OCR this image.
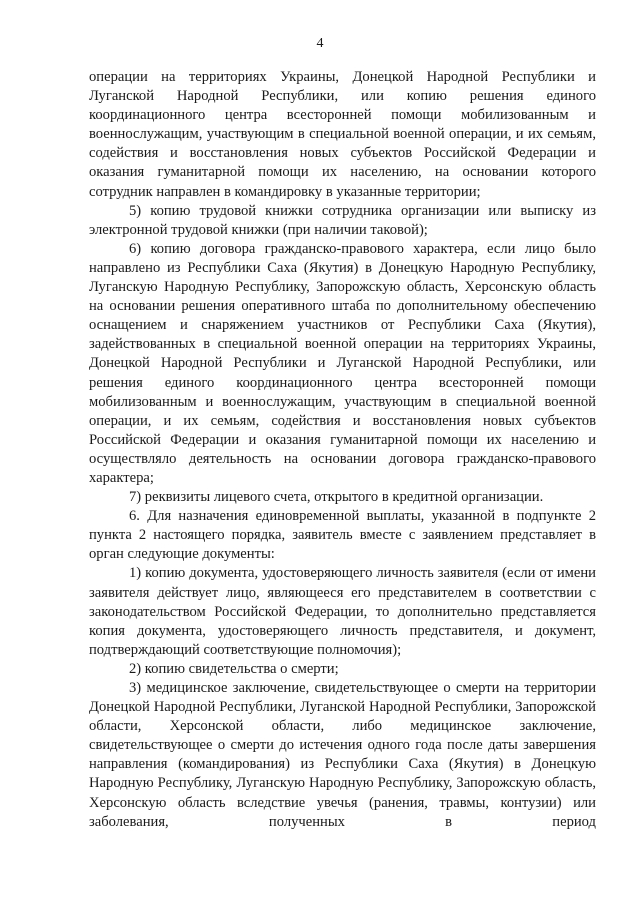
4

операции на территориях Украины, Донецкой Народной Республики и Луганской Народной Республики, или копию решения единого координационного центра всесторонней помощи мобилизованным и военнослужащим, участвующим в специальной военной операции, и их семьям, содействия и восстановления новых субъектов Российской Федерации и оказания гуманитарной помощи их населению, на основании которого сотрудник направлен в командировку в указанные территории;

5) копию трудовой книжки сотрудника организации или выписку из электронной трудовой книжки (при наличии таковой);

6) копию договора гражданско-правового характера, если лицо было направлено из Республики Саха (Якутия) в Донецкую Народную Республику, Луганскую Народную Республику, Запорожскую область, Херсонскую область на основании решения оперативного штаба по дополнительному обеспечению оснащением и снаряжением участников от Республики Саха (Якутия), задействованных в специальной военной операции на территориях Украины, Донецкой Народной Республики и Луганской Народной Республики, или решения единого координационного центра всесторонней помощи мобилизованным и военнослужащим, участвующим в специальной военной операции, и их семьям, содействия и восстановления новых субъектов Российской Федерации и оказания гуманитарной помощи их населению и осуществляло деятельность на основании договора гражданско-правового характера;

7) реквизиты лицевого счета, открытого в кредитной организации.

6. Для назначения единовременной выплаты, указанной в подпункте 2 пункта 2 настоящего порядка, заявитель вместе с заявлением представляет в орган следующие документы:

1) копию документа, удостоверяющего личность заявителя (если от имени заявителя действует лицо, являющееся его представителем в соответствии с законодательством Российской Федерации, то дополнительно представляется копия документа, удостоверяющего личность представителя, и документ, подтверждающий соответствующие полномочия);

2) копию свидетельства о смерти;

3) медицинское заключение, свидетельствующее о смерти на территории Донецкой Народной Республики, Луганской Народной Республики, Запорожской области, Херсонской области, либо медицинское заключение, свидетельствующее о смерти до истечения одного года после даты завершения направления (командирования) из Республики Саха (Якутия) в Донецкую Народную Республику, Луганскую Народную Республику, Запорожскую область, Херсонскую область вследствие увечья (ранения, травмы, контузии) или заболевания, полученных в период
